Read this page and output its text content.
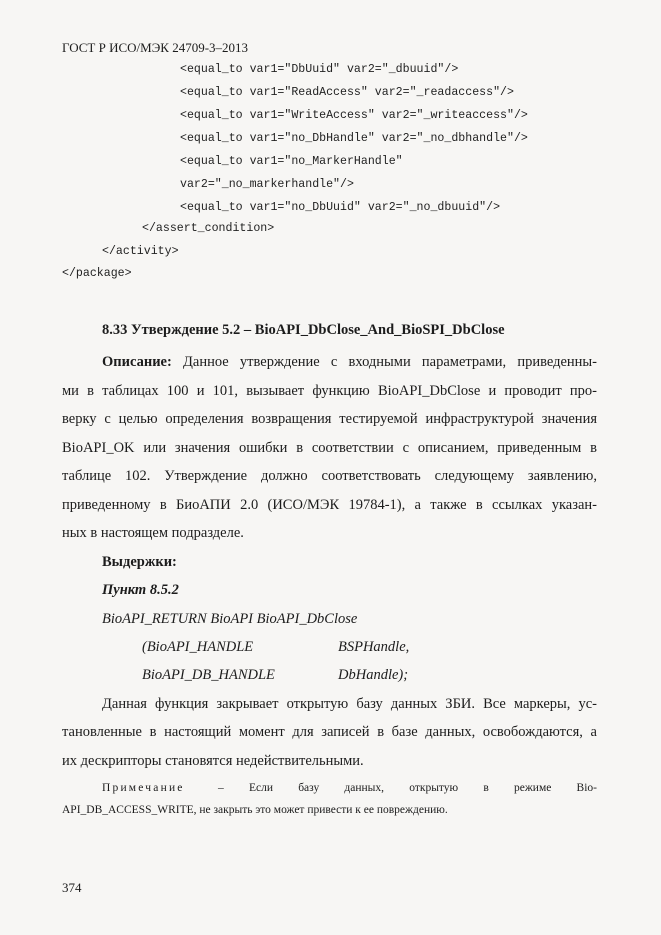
ГОСТ Р ИСО/МЭК 24709-3–2013
<equal_to var1="DbUuid" var2="_dbuuid"/>
<equal_to var1="ReadAccess" var2="_readaccess"/>
<equal_to var1="WriteAccess" var2="_writeaccess"/>
<equal_to var1="no_DbHandle" var2="_no_dbhandle"/>
<equal_to var1="no_MarkerHandle"
var2="_no_markerhandle"/>
<equal_to var1="no_DbUuid" var2="_no_dbuuid"/>
</assert_condition>
</activity>
</package>
8.33 Утверждение 5.2 – BioAPI_DbClose_And_BioSPI_DbClose
Описание: Данное утверждение с входными параметрами, приведенны-
ми в таблицах 100 и 101, вызывает функцию BioAPI_DbClose и проводит про-
верку с целью определения возвращения тестируемой инфраструктурой значения
BioAPI_OK или значения ошибки в соответствии с описанием, приведенным в
таблице 102. Утверждение должно соответствовать следующему заявлению,
приведенному в БиоАПИ 2.0 (ИСО/МЭК 19784-1), а также в ссылках указан-
ных в настоящем подразделе.
Выдержки:
Пункт 8.5.2
BioAPI_RETURN BioAPI BioAPI_DbClose
(BioAPI_HANDLE	BSPHandle,
BioAPI_DB_HANDLE	DbHandle);
Данная функция закрывает открытую базу данных ЗБИ. Все маркеры, ус-
тановленные в настоящий момент для записей в базе данных, освобождаются, а
их дескрипторы становятся недействительными.
Примечание	– Если базу данных, открытую в режиме Bio-
API_DB_ACCESS_WRITE, не закрыть это может привести к ее повреждению.
374
